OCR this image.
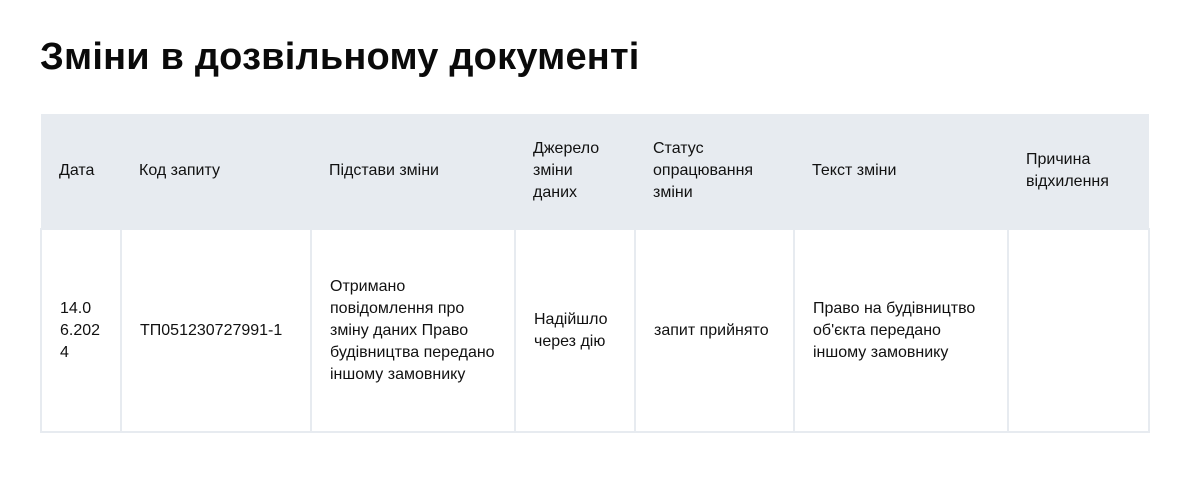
Зміни в дозвільному документі
Дата	Код запиту	Підстави зміни	Джерело зміни даних	Статус опрацювання зміни	Текст зміни	Причина відхилення
14.06.2024	ТП051230727991-1	Отримано повідомлення про зміну даних Право будівництва передано іншому замовнику	Надійшло через дію	запит прийнято	Право на будівництво об'єкта передано іншому замовнику	
